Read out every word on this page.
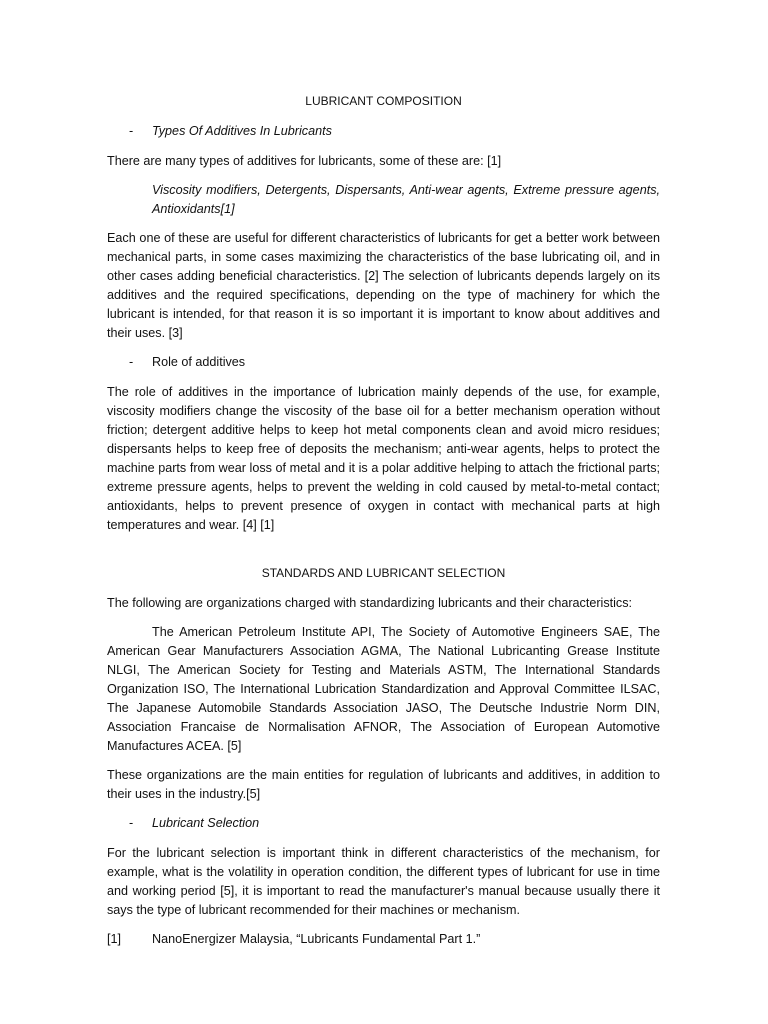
LUBRICANT COMPOSITION
- Types Of Additives In Lubricants

There are many types of additives for lubricants, some of these are: [1]

Viscosity modifiers, Detergents, Dispersants, Anti-wear agents, Extreme pressure agents, Antioxidants[1]

Each one of these are useful for different characteristics of lubricants for get a better work between mechanical parts, in some cases maximizing the characteristics of the base lubricating oil, and in other cases adding beneficial characteristics. [2] The selection of lubricants depends largely on its additives and the required specifications, depending on the type of machinery for which the lubricant is intended, for that reason it is so important it is important to know about additives and their uses. [3]

- Role of additives

The role of additives in the importance of lubrication mainly depends of the use, for example, viscosity modifiers change the viscosity of the base oil for a better mechanism operation without friction; detergent additive helps to keep hot metal components clean and avoid micro residues; dispersants helps to keep free of deposits the mechanism; anti-wear agents, helps to protect the machine parts from wear loss of metal and it is a polar additive helping to attach the frictional parts; extreme pressure agents, helps to prevent the welding in cold caused by metal-to-metal contact; antioxidants, helps to prevent presence of oxygen in contact with mechanical parts at high temperatures and wear. [4] [1]

STANDARDS AND LUBRICANT SELECTION

The following are organizations charged with standardizing lubricants and their characteristics:

The American Petroleum Institute API, The Society of Automotive Engineers SAE, The American Gear Manufacturers Association AGMA, The National Lubricanting Grease Institute NLGI, The American Society for Testing and Materials ASTM, The International Standards Organization ISO, The International Lubrication Standardization and Approval Committee ILSAC, The Japanese Automobile Standards Association JASO, The Deutsche Industrie Norm DIN, Association Francaise de Normalisation AFNOR, The Association of European Automotive Manufactures ACEA. [5]

These organizations are the main entities for regulation of lubricants and additives, in addition to their uses in the industry.[5]

- Lubricant Selection

For the lubricant selection is important think in different characteristics of the mechanism, for example, what is the volatility in operation condition, the different types of lubricant for use in time and working period [5], it is important to read the manufacturer's manual because usually there it says the type of lubricant recommended for their machines or mechanism.

[1] NanoEnergizer Malaysia, “Lubricants Fundamental Part 1.”
